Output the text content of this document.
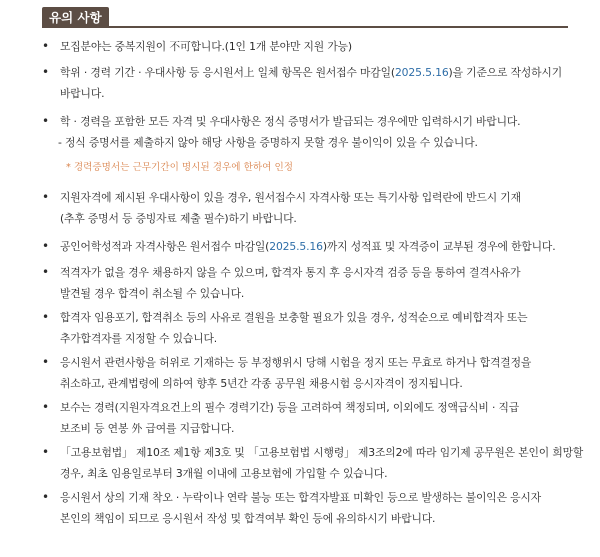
유의 사항
•	모집분야는 중복지원이 不可합니다.(1인 1개 분야만 지원 가능)
•	학위 · 경력 기간 · 우대사항 등 응시원서上 일체 항목은 원서접수 마감일(2025.5.16)을 기준으로 작성하시기
바랍니다.
•	학 · 경력을 포함한 모든 자격 및 우대사항은 정식 증명서가 발급되는 경우에만 입력하시기 바랍니다.
- 정식 증명서를 제출하지 않아 해당 사항을 증명하지 못할 경우 불이익이 있을 수 있습니다.
* 경력증명서는 근무기간이 명시된 경우에 한하여 인정
•	지원자격에 제시된 우대사항이 있을 경우, 원서접수시 자격사항 또는 특기사항 입력란에 반드시 기재
(추후 증명서 등 증빙자료 제출 필수)하기 바랍니다.
•	공인어학성적과 자격사항은 원서접수 마감일(2025.5.16)까지 성적표 및 자격증이 교부된 경우에 한합니다.
•	적격자가 없을 경우 채용하지 않을 수 있으며, 합격자 통지 후 응시자격 검증 등을 통하여 결격사유가
발견될 경우 합격이 취소될 수 있습니다.
•	합격자 임용포기, 합격취소 등의 사유로 결원을 보충할 필요가 있을 경우, 성적순으로 예비합격자 또는
추가합격자를 지정할 수 있습니다.
•	응시원서 관련사항을 허위로 기재하는 등 부정행위시 당해 시험을 정지 또는 무효로 하거나 합격결정을
취소하고, 관계법령에 의하여 향후 5년간 각종 공무원 채용시험 응시자격이 정지됩니다.
•	보수는 경력(지원자격요건上의 필수 경력기간) 등을 고려하여 책정되며, 이외에도 정액급식비 · 직급
보조비 등 연봉 外 급여를 지급합니다.
•	「고용보험법」 제10조 제1항 제3호 및 「고용보험법 시행령」 제3조의2에 따라 임기제 공무원은 본인이 희망할
경우, 최초 임용일로부터 3개월 이내에 고용보험에 가입할 수 있습니다.
•	응시원서 상의 기재 착오 · 누락이나 연락 불능 또는 합격자발표 미확인 등으로 발생하는 불이익은 응시자
본인의 책임이 되므로 응시원서 작성 및 합격여부 확인 등에 유의하시기 바랍니다.
